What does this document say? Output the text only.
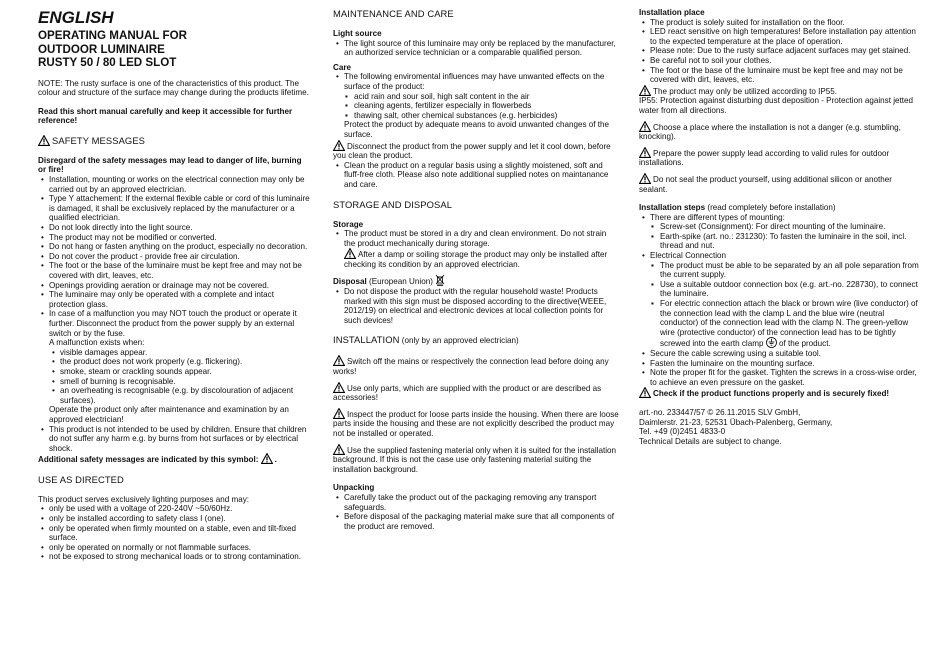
ENGLISH

OPERATING MANUAL FOR

OUTDOOR LUMINAIRE

RUSTY 50 / 80 LED SLOT

NOTE: The rusty surface is one of the characteristics of this product. The colour and structure of the surface may change during the products lifetime.

Read this short manual carefully and keep it accessible for further reference!

SAFETY MESSAGES

Disregard of the safety messages may lead to danger of life, burning or fire!

• Installation, mounting or works on the electrical connection may only be carried out by an approved electrician.
• Type Y attachement: If the external flexible cable or cord of this luminaire is damaged, it shall be exclusively replaced by the manufacturer or a qualified electrician.
• Do not look directly into the light source.
• The product may not be modified or converted.
• Do not hang or fasten anything on the product, especially no decoration.
• Do not cover the product - provide free air circulation.
• The foot or the base of the luminaire must be kept free and may not be covered with dirt, leaves, etc.
• Openings providing aeration or drainage may not be covered.
• The luminaire may only be operated with a complete and intact protection glass.
• In case of a malfunction you may NOT touch the product or operate it further. Disconnect the product from the power supply by an external switch or by the fuse.
A malfunction exists when:
• visible damages appear.
• the product does not work properly (e.g. flickering).
• smoke, steam or crackling sounds appear.
• smell of burning is recognisable.
• an overheating is recognisable (e.g. by discolouration of adjacent surfaces).
Operate the product only after maintenance and examination by an approved electrician!
• This product is not intended to be used by children. Ensure that children do not suffer any harm e.g. by burns from hot surfaces or by electrical shock.

Additional safety messages are indicated by this symbol: .

USE AS DIRECTED

This product serves exclusively lighting purposes and may:

• only be used with a voltage of 220-240V ~50/60Hz.
• only be installed according to safety class I (one).
• only be operated when firmly mounted on a stable, even and tilt-fixed surface.
• only be operated on normally or not flammable surfaces.
• not be exposed to strong mechanical loads or to strong contamination.

MAINTENANCE AND CARE

Light source

• The light source of this luminaire may only be replaced by the manufacturer, an authorized service technician or a comparable qualified person.

Care

• The following enviromental influences may have unwanted effects on the surface of the product:
▪ acid rain and sour soil, high salt content in the air
▪ cleaning agents, fertilizer especially in flowerbeds
▪ thawing salt, other chemical substances (e.g. herbicides)
Protect the product by adequate means to avoid unwanted changes of the surface.

Disconnect the product from the power supply and let it cool down, before you clean the product.

• Clean the product on a regular basis using a slightly moistened, soft and fluff-free cloth. Please also note additional supplied notes on maintanance and care.

STORAGE AND DISPOSAL

Storage

• The product must be stored in a dry and clean environment. Do not strain the product mechanically during storage.
After a damp or soiling storage the product may only be installed after checking its condition by an approved electrician.

Disposal (European Union)

• Do not dispose the product with the regular household waste! Products marked with this sign must be disposed according to the directive(WEEE, 2012/19) on electrical and electronic devices at local collection points for such devices!

INSTALLATION (only by an approved electrician)

Switch off the mains or respectively the connection lead before doing any works!

Use only parts, which are supplied with the product or are described as accessories!

Inspect the product for loose parts inside the housing. When there are loose parts inside the housing and these are not explicitly described the product may not be installed or operated.

Use the supplied fastening material only when it is suited for the installation background. If this is not the case use only fastening material suiting the installation background.

Unpacking

• Carefully take the product out of the packaging removing any transport safeguards.
• Before disposal of the packaging material make sure that all components of the product are removed.

Installation place

• The product is solely suited for installation on the floor.
• LED react sensitive on high temperatures! Before installation pay attention to the expected temperature at the place of operation.
• Please note: Due to the rusty surface adjacent surfaces may get stained.
• Be careful not to soil your clothes.
• The foot or the base of the luminaire must be kept free and may not be covered with dirt, leaves, etc.

The product may only be utilized according to IP55.

IP55: Protection against disturbing dust deposition - Protection against jetted water from all directions.

Choose a place where the installation is not a danger (e.g. stumbling, knocking).

Prepare the power supply lead according to valid rules for outdoor installations.

Do not seal the product yourself, using additional silicon or another sealant.

Installation steps (read completely before installation)

• There are different types of mounting:
▪ Screw-set (Consignment): For direct mounting of the luminaire.
▪ Earth-spike (art. no.: 231230): To fasten the luminaire in the soil, incl. thread and nut.
• Electrical Connection
▪ The product must be able to be separated by an all pole separation from the current supply.
▪ Use a suitable outdoor connection box (e.g. art.-no. 228730), to connect the luminaire.
▪ For electric connection attach the black or brown wire (live conductor) of the connection lead with the clamp L and the blue wire (neutral conductor) of the connection lead with the clamp N. The green-yellow wire (protective conductor) of the connection lead has to be tightly screwed into the earth clamp of the product.
• Secure the cable screwing using a suitable tool.
• Fasten the luminaire on the mounting surface.
• Note the proper fit for the gasket. Tighten the screws in a cross-wise order, to achieve an even pressure on the gasket.

Check if the product functions properly and is securely fixed!

art.-no. 233447/57 © 26.11.2015 SLV GmbH,

Daimlerstr. 21-23, 52531 Übach-Palenberg, Germany,

Tel. +49 (0)2451 4833-0

Technical Details are subject to change.
